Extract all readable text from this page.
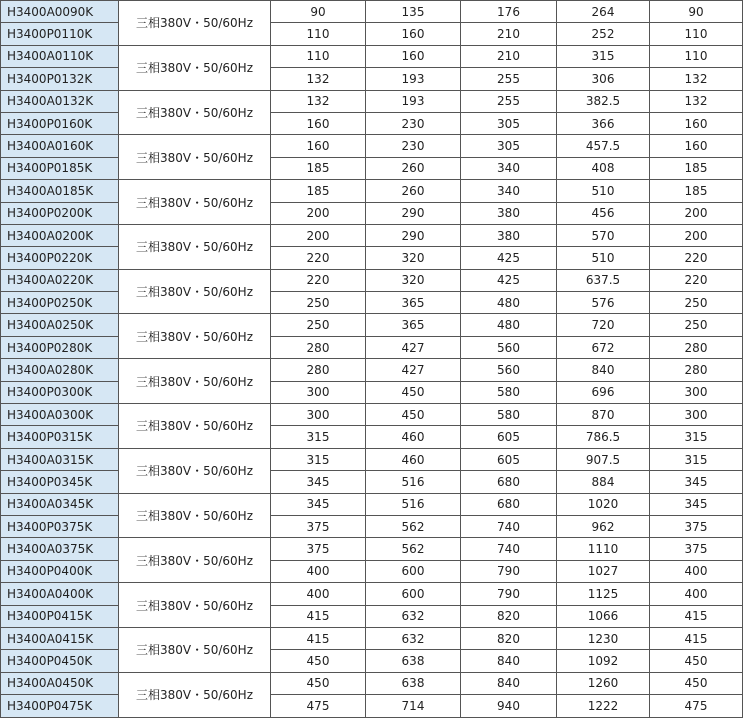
H3400A0090K	三相380V・50/60Hz	90	135	176	264	90
H3400P0110K		110	160	210	252	110
H3400A0110K	三相380V・50/60Hz	110	160	210	315	110
H3400P0132K		132	193	255	306	132
H3400A0132K	三相380V・50/60Hz	132	193	255	382.5	132
H3400P0160K		160	230	305	366	160
H3400A0160K	三相380V・50/60Hz	160	230	305	457.5	160
H3400P0185K		185	260	340	408	185
H3400A0185K	三相380V・50/60Hz	185	260	340	510	185
H3400P0200K		200	290	380	456	200
H3400A0200K	三相380V・50/60Hz	200	290	380	570	200
H3400P0220K		220	320	425	510	220
H3400A0220K	三相380V・50/60Hz	220	320	425	637.5	220
H3400P0250K		250	365	480	576	250
H3400A0250K	三相380V・50/60Hz	250	365	480	720	250
H3400P0280K		280	427	560	672	280
H3400A0280K	三相380V・50/60Hz	280	427	560	840	280
H3400P0300K		300	450	580	696	300
H3400A0300K	三相380V・50/60Hz	300	450	580	870	300
H3400P0315K		315	460	605	786.5	315
H3400A0315K	三相380V・50/60Hz	315	460	605	907.5	315
H3400P0345K		345	516	680	884	345
H3400A0345K	三相380V・50/60Hz	345	516	680	1020	345
H3400P0375K		375	562	740	962	375
H3400A0375K	三相380V・50/60Hz	375	562	740	1110	375
H3400P0400K		400	600	790	1027	400
H3400A0400K	三相380V・50/60Hz	400	600	790	1125	400
H3400P0415K		415	632	820	1066	415
H3400A0415K	三相380V・50/60Hz	415	632	820	1230	415
H3400P0450K		450	638	840	1092	450
H3400A0450K	三相380V・50/60Hz	450	638	840	1260	450
H3400P0475K		475	714	940	1222	475
